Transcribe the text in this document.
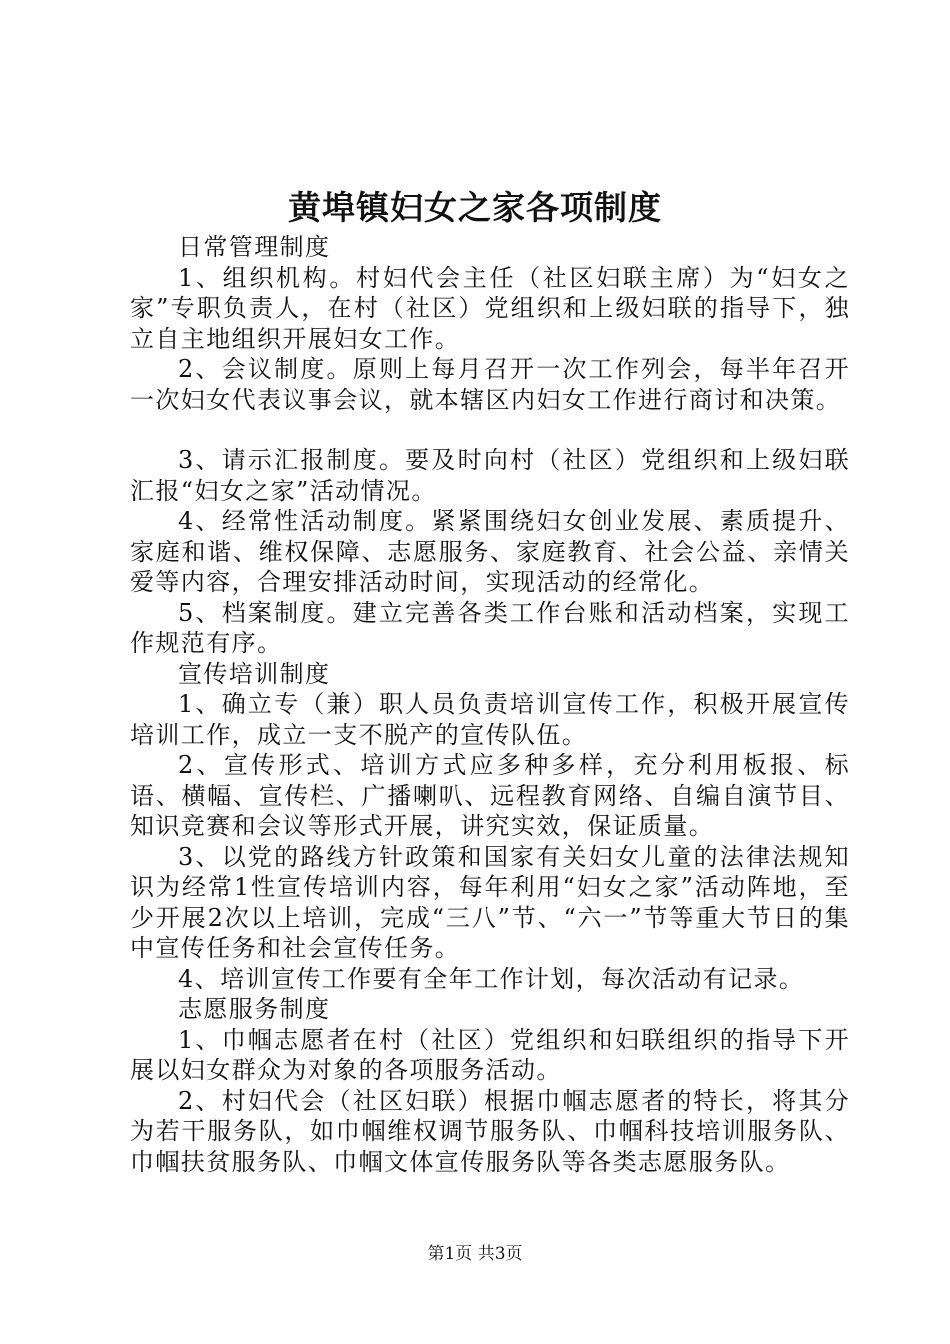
黄埠镇妇女之家各项制度

日常管理制度

1、组织机构。村妇代会主任（社区妇联主席）为“妇女之家”专职负责人，在村（社区）党组织和上级妇联的指导下，独立自主地组织开展妇女工作。

2、会议制度。原则上每月召开一次工作列会，每半年召开一次妇女代表议事会议，就本辖区内妇女工作进行商讨和决策。

3、请示汇报制度。要及时向村（社区）党组织和上级妇联汇报“妇女之家”活动情况。

4、经常性活动制度。紧紧围绕妇女创业发展、素质提升、家庭和谐、维权保障、志愿服务、家庭教育、社会公益、亲情关爱等内容，合理安排活动时间，实现活动的经常化。

5、档案制度。建立完善各类工作台账和活动档案，实现工作规范有序。

宣传培训制度

1、确立专（兼）职人员负责培训宣传工作，积极开展宣传培训工作，成立一支不脱产的宣传队伍。

2、宣传形式、培训方式应多种多样，充分利用板报、标语、横幅、宣传栏、广播喇叭、远程教育网络、自编自演节目、知识竞赛和会议等形式开展，讲究实效，保证质量。

3、以党的路线方针政策和国家有关妇女儿童的法律法规知识为经常1性宣传培训内容，每年利用“妇女之家”活动阵地，至少开展2次以上培训，完成“三八”节、“六一”节等重大节日的集中宣传任务和社会宣传任务。

4、培训宣传工作要有全年工作计划，每次活动有记录。

志愿服务制度

1、巾帼志愿者在村（社区）党组织和妇联组织的指导下开展以妇女群众为对象的各项服务活动。

2、村妇代会（社区妇联）根据巾帼志愿者的特长，将其分为若干服务队，如巾帼维权调节服务队、巾帼科技培训服务队、巾帼扶贫服务队、巾帼文体宣传服务队等各类志愿服务队。

第1页 共3页
